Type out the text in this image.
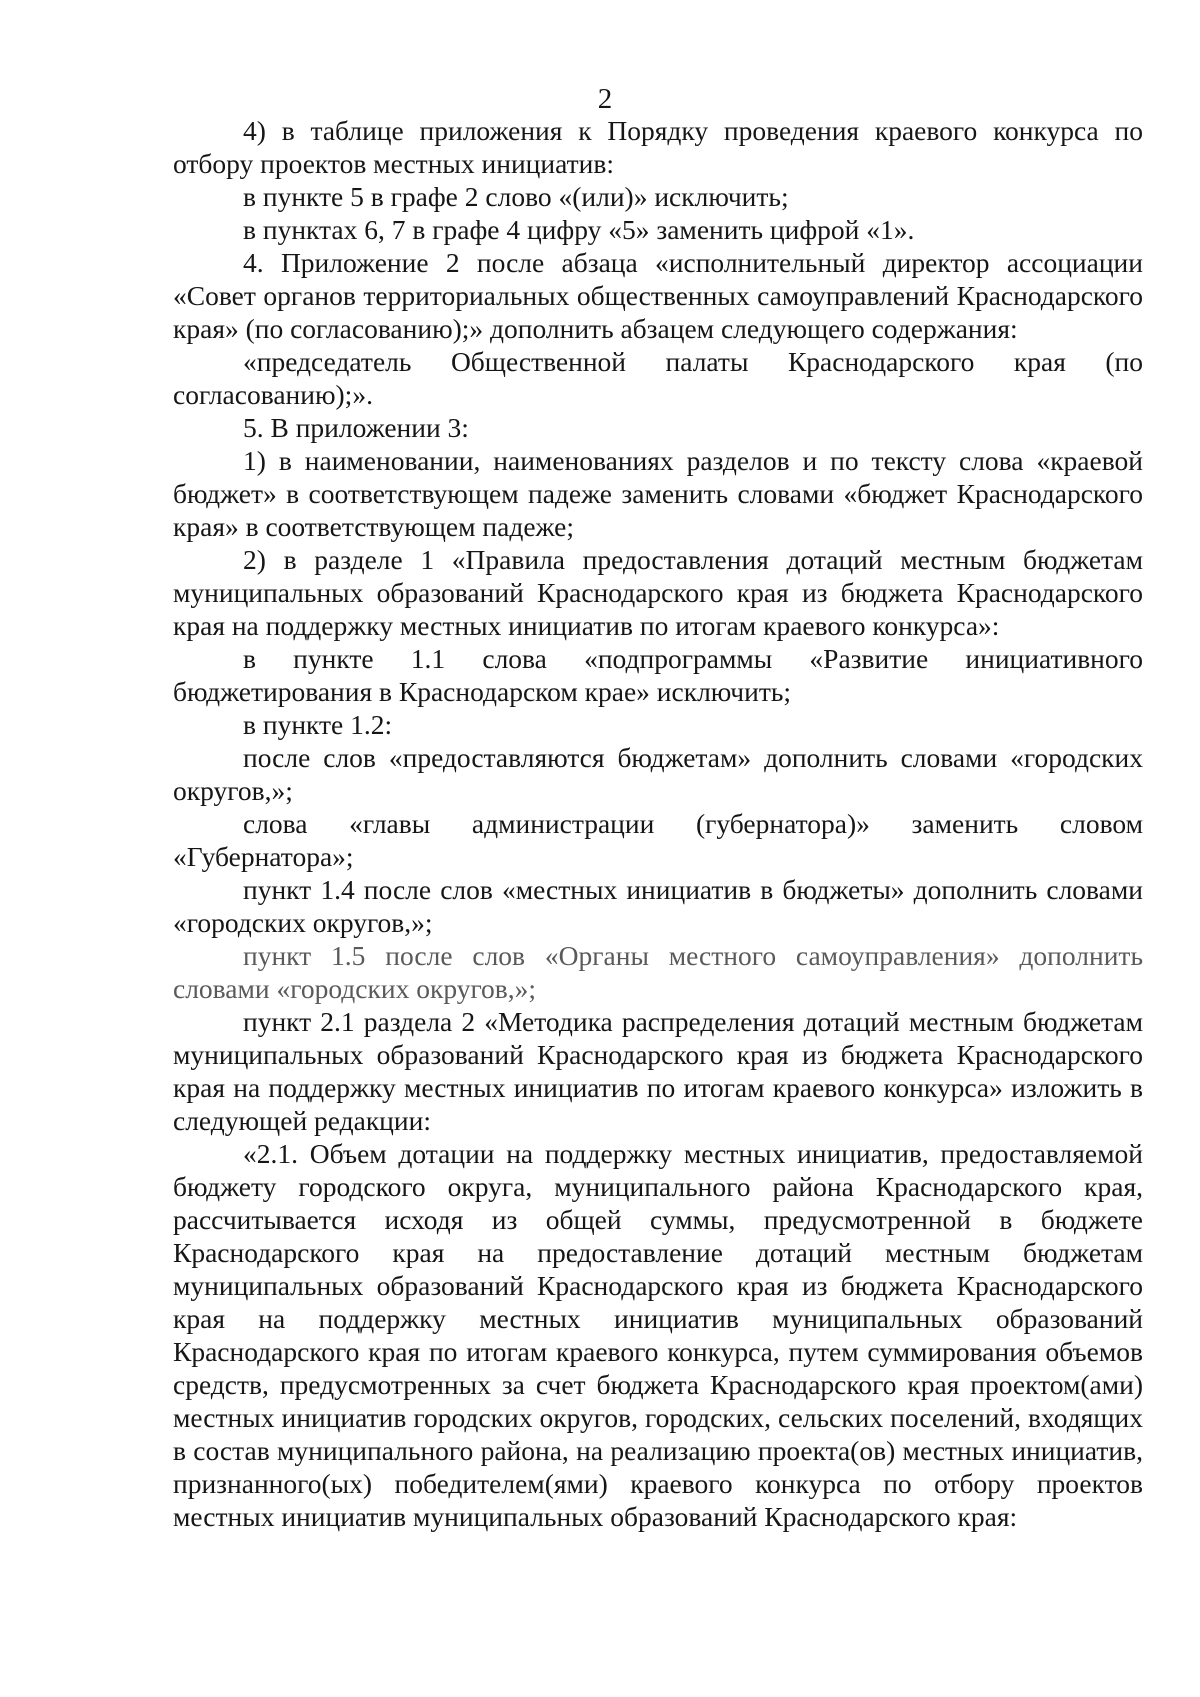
2

4) в таблице приложения к Порядку проведения краевого конкурса по отбору проектов местных инициатив:

в пункте 5 в графе 2 слово «(или)» исключить;

в пунктах 6, 7 в графе 4 цифру «5» заменить цифрой «1».

4. Приложение 2 после абзаца «исполнительный директор ассоциации «Совет органов территориальных общественных самоуправлений Краснодарского края» (по согласованию);» дополнить абзацем следующего содержания:

«председатель Общественной палаты Краснодарского края (по согласованию);».

5. В приложении 3:

1) в наименовании, наименованиях разделов и по тексту слова «краевой бюджет» в соответствующем падеже заменить словами «бюджет Краснодарского края» в соответствующем падеже;

2) в разделе 1 «Правила предоставления дотаций местным бюджетам муниципальных образований Краснодарского края из бюджета Краснодарского края на поддержку местных инициатив по итогам краевого конкурса»:

в пункте 1.1 слова «подпрограммы «Развитие инициативного бюджетирования в Краснодарском крае» исключить;

в пункте 1.2:

после слов «предоставляются бюджетам» дополнить словами «городских округов,»;

слова «главы администрации (губернатора)» заменить словом «Губернатора»;

пункт 1.4 после слов «местных инициатив в бюджеты» дополнить словами «городских округов,»;

пункт 1.5 после слов «Органы местного самоуправления» дополнить словами «городских округов,»;

пункт 2.1 раздела 2 «Методика распределения дотаций местным бюджетам муниципальных образований Краснодарского края из бюджета Краснодарского края на поддержку местных инициатив по итогам краевого конкурса» изложить в следующей редакции:

«2.1. Объем дотации на поддержку местных инициатив, предоставляемой бюджету городского округа, муниципального района Краснодарского края, рассчитывается исходя из общей суммы, предусмотренной в бюджете Краснодарского края на предоставление дотаций местным бюджетам муниципальных образований Краснодарского края из бюджета Краснодарского края на поддержку местных инициатив муниципальных образований Краснодарского края по итогам краевого конкурса, путем суммирования объемов средств, предусмотренных за счет бюджета Краснодарского края проектом(ами) местных инициатив городских округов, городских, сельских поселений, входящих в состав муниципального района, на реализацию проекта(ов) местных инициатив, признанного(ых) победителем(ями) краевого конкурса по отбору проектов местных инициатив муниципальных образований Краснодарского края:
